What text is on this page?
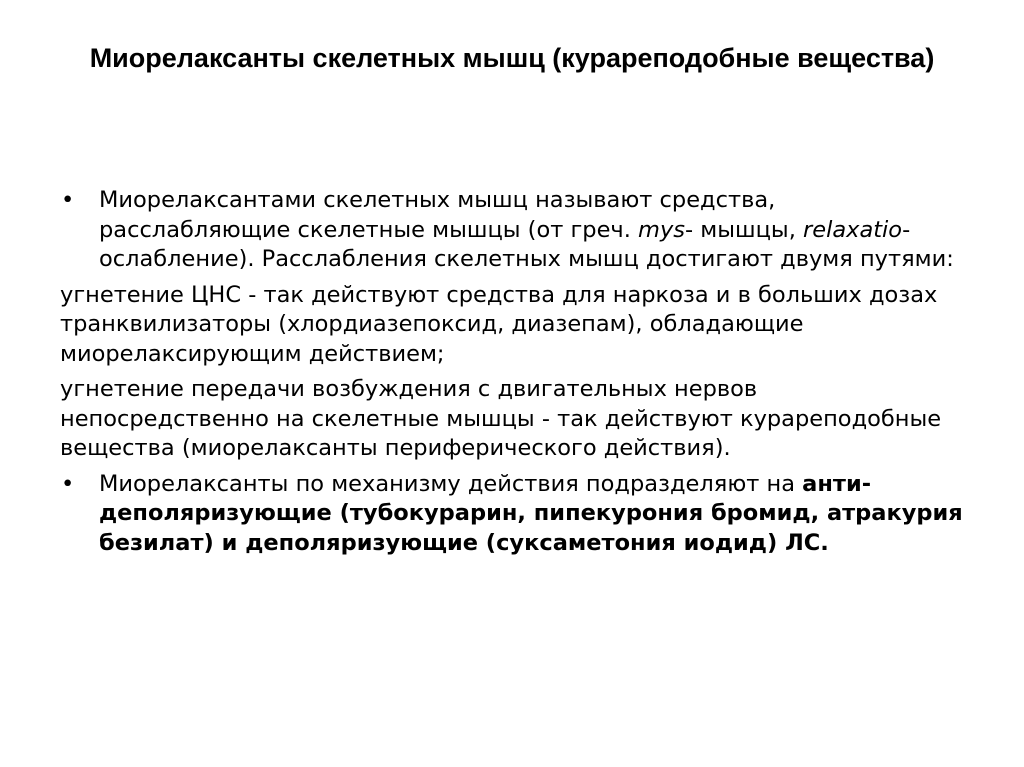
Миорелаксанты скелетных мышц (курареподобные вещества)

• Миорелаксантами скелетных мышц называют средства, расслабляющие скелетные мышцы (от греч. mys- мышцы, relaxatio- ослабление). Расслабления скелетных мышц достигают двумя путями:

угнетение ЦНС - так действуют средства для наркоза и в больших дозах транквилизаторы (хлордиазепоксид, диазепам), обладающие миорелаксирующим действием;

угнетение передачи возбуждения с двигательных нервов непосредственно на скелетные мышцы - так действуют курареподобные вещества (миорелаксанты периферического действия).

• Миорелаксанты по механизму действия подразделяют на анти-деполяризующие (тубокурарин, пипекурония бромид, атракурия безилат) и деполяризующие (суксаметония иодид) ЛС.
